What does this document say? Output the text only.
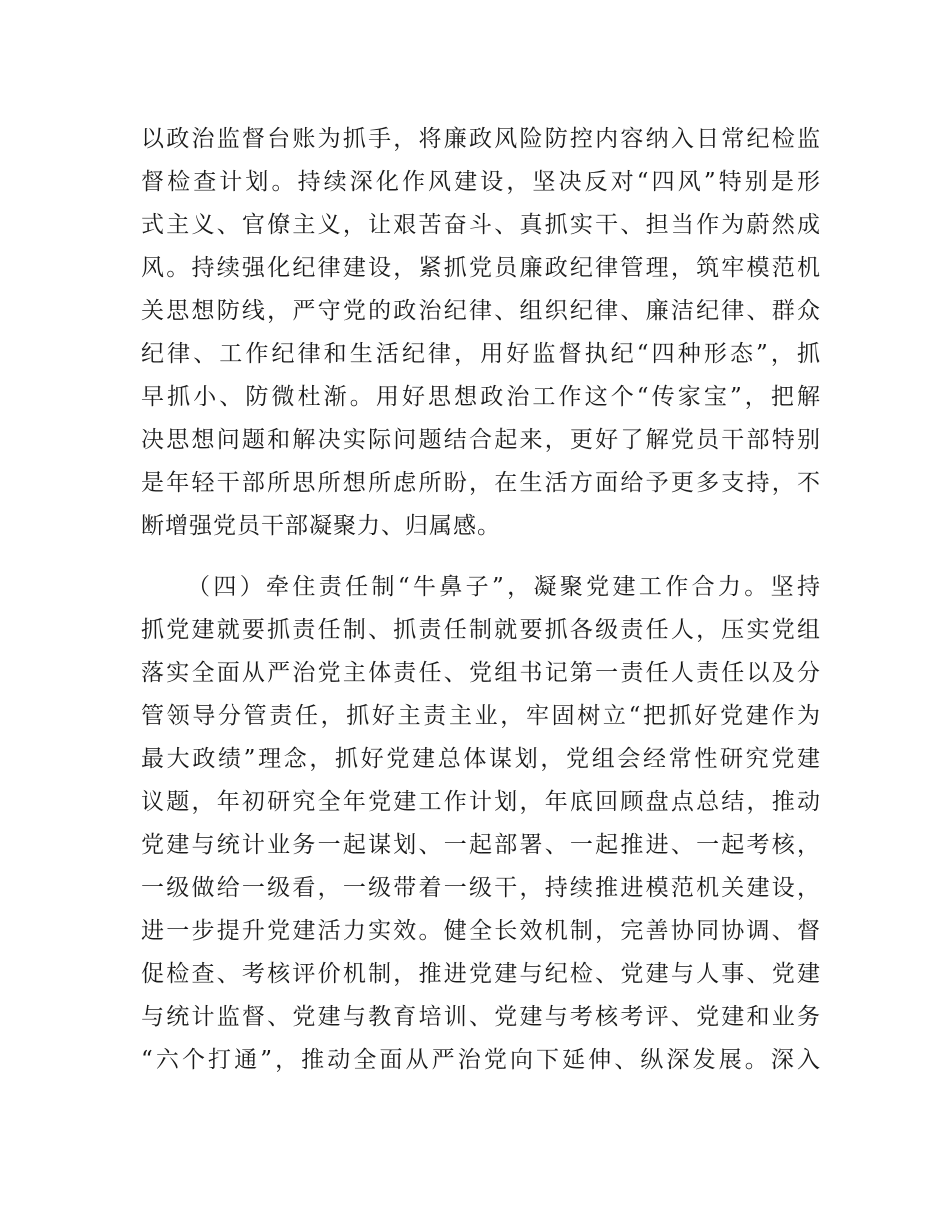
以政治监督台账为抓手，将廉政风险防控内容纳入日常纪检监
督检查计划。持续深化作风建设，坚决反对“四风”特别是形
式主义、官僚主义，让艰苦奋斗、真抓实干、担当作为蔚然成
风。持续强化纪律建设，紧抓党员廉政纪律管理，筑牢模范机
关思想防线，严守党的政治纪律、组织纪律、廉洁纪律、群众
纪律、工作纪律和生活纪律，用好监督执纪“四种形态”，抓
早抓小、防微杜渐。用好思想政治工作这个“传家宝”，把解
决思想问题和解决实际问题结合起来，更好了解党员干部特别
是年轻干部所思所想所虑所盼，在生活方面给予更多支持，不
断增强党员干部凝聚力、归属感。
（四）牵住责任制“牛鼻子”，凝聚党建工作合力。坚持
抓党建就要抓责任制、抓责任制就要抓各级责任人，压实党组
落实全面从严治党主体责任、党组书记第一责任人责任以及分
管领导分管责任，抓好主责主业，牢固树立“把抓好党建作为
最大政绩”理念，抓好党建总体谋划，党组会经常性研究党建
议题，年初研究全年党建工作计划，年底回顾盘点总结，推动
党建与统计业务一起谋划、一起部署、一起推进、一起考核，
一级做给一级看，一级带着一级干，持续推进模范机关建设，
进一步提升党建活力实效。健全长效机制，完善协同协调、督
促检查、考核评价机制，推进党建与纪检、党建与人事、党建
与统计监督、党建与教育培训、党建与考核考评、党建和业务
“六个打通”，推动全面从严治党向下延伸、纵深发展。深入
